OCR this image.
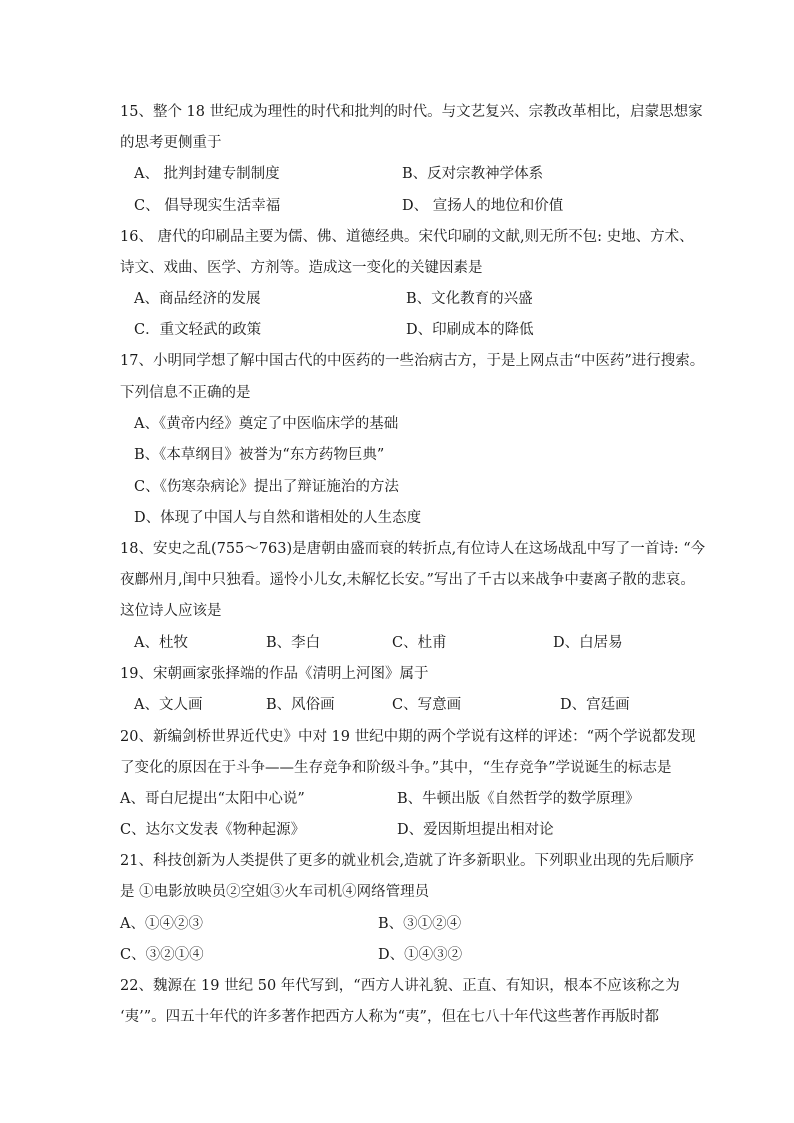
15、整个 18 世纪成为理性的时代和批判的时代。与文艺复兴、宗教改革相比，启蒙思想家
的思考更侧重于
A、 批判封建专制制度	B、反对宗教神学体系
C、 倡导现实生活幸福	D、 宣扬人的地位和价值
16、 唐代的印刷品主要为儒、佛、道德经典。宋代印刷的文献,则无所不包: 史地、方术、
诗文、戏曲、医学、方剂等。造成这一变化的关键因素是
A、商品经济的发展	B、文化教育的兴盛
C．重文轻武的政策	D、印刷成本的降低
17、小明同学想了解中国古代的中医药的一些治病古方，于是上网点击“中医药”进行搜索。
下列信息不正确的是
A、《黄帝内经》奠定了中医临床学的基础
B、《本草纲目》被誉为“东方药物巨典”
C、《伤寒杂病论》提出了辩证施治的方法
D、体现了中国人与自然和谐相处的人生态度
18、安史之乱(755～763)是唐朝由盛而衰的转折点,有位诗人在这场战乱中写了一首诗: “今
夜鄜州月,闺中只独看。遥怜小儿女,未解忆长安。”写出了千古以来战争中妻离子散的悲哀。
这位诗人应该是
A、杜牧	B、李白	C、杜甫	D、白居易
19、宋朝画家张择端的作品《清明上河图》属于
A、文人画	B、风俗画	C、写意画	D、宫廷画
20、新编剑桥世界近代史》中对 19 世纪中期的两个学说有这样的评述：“两个学说都发现
了变化的原因在于斗争——生存竞争和阶级斗争。”其中，“生存竞争”学说诞生的标志是
A、哥白尼提出“太阳中心说”	B、牛顿出版《自然哲学的数学原理》
C、达尔文发表《物种起源》	D、爱因斯坦提出相对论
21、科技创新为人类提供了更多的就业机会,造就了许多新职业。下列职业出现的先后顺序
是 ①电影放映员②空姐③火车司机④网络管理员
A、①④②③	B、③①②④
C、③②①④	D、①④③②
22、魏源在 19 世纪 50 年代写到，“西方人讲礼貌、正直、有知识，根本不应该称之为
‘夷’”。四五十年代的许多著作把西方人称为“夷”，但在七八十年代这些著作再版时都
